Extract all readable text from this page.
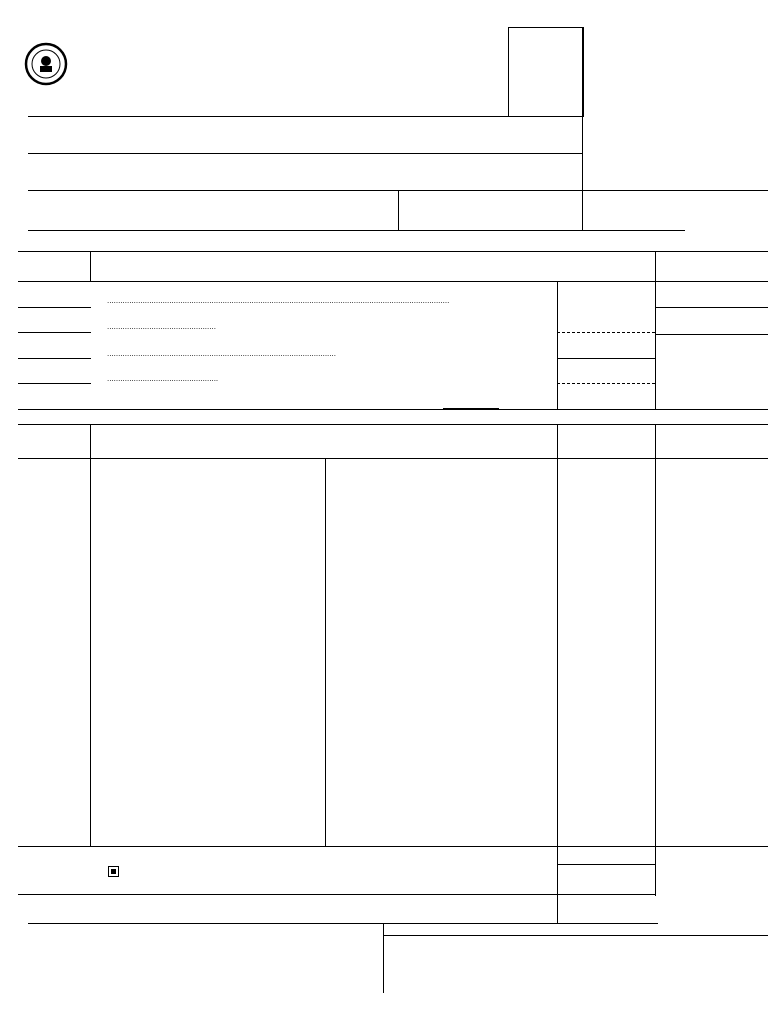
..........................................................................................................................................................
.................................................
.......................................................................................................
..................................................
